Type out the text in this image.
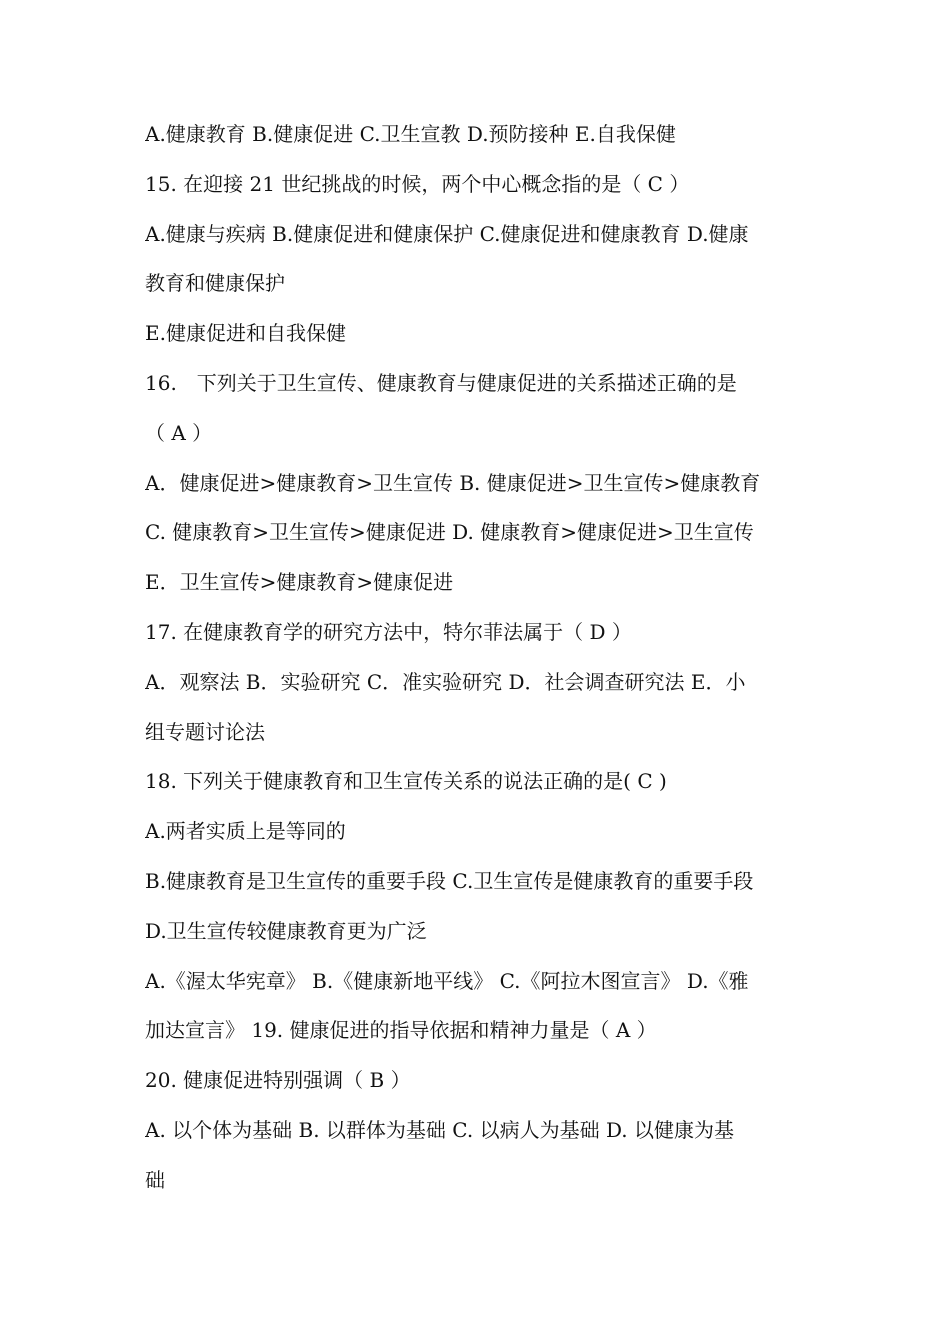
A.健康教育 B.健康促进 C.卫生宣教 D.预防接种 E.自我保健
15. 在迎接 21 世纪挑战的时候，两个中心概念指的是（ C ）
A.健康与疾病 B.健康促进和健康保护 C.健康促进和健康教育 D.健康
教育和健康保护
E.健康促进和自我保健
16.　下列关于卫生宣传、健康教育与健康促进的关系描述正确的是
（ A ）
A．健康促进>健康教育>卫生宣传 B. 健康促进>卫生宣传>健康教育
C. 健康教育>卫生宣传>健康促进 D. 健康教育>健康促进>卫生宣传
E．卫生宣传>健康教育>健康促进
17. 在健康教育学的研究方法中，特尔菲法属于（ D ）
A．观察法 B．实验研究 C．准实验研究 D．社会调查研究法 E．小
组专题讨论法
18. 下列关于健康教育和卫生宣传关系的说法正确的是( C )
A.两者实质上是等同的
B.健康教育是卫生宣传的重要手段 C.卫生宣传是健康教育的重要手段
D.卫生宣传较健康教育更为广泛
A.《渥太华宪章》 B.《健康新地平线》 C.《阿拉木图宣言》 D.《雅
加达宣言》 19. 健康促进的指导依据和精神力量是（ A ）
20. 健康促进特别强调（ B ）
A. 以个体为基础 B. 以群体为基础 C. 以病人为基础 D. 以健康为基
础
